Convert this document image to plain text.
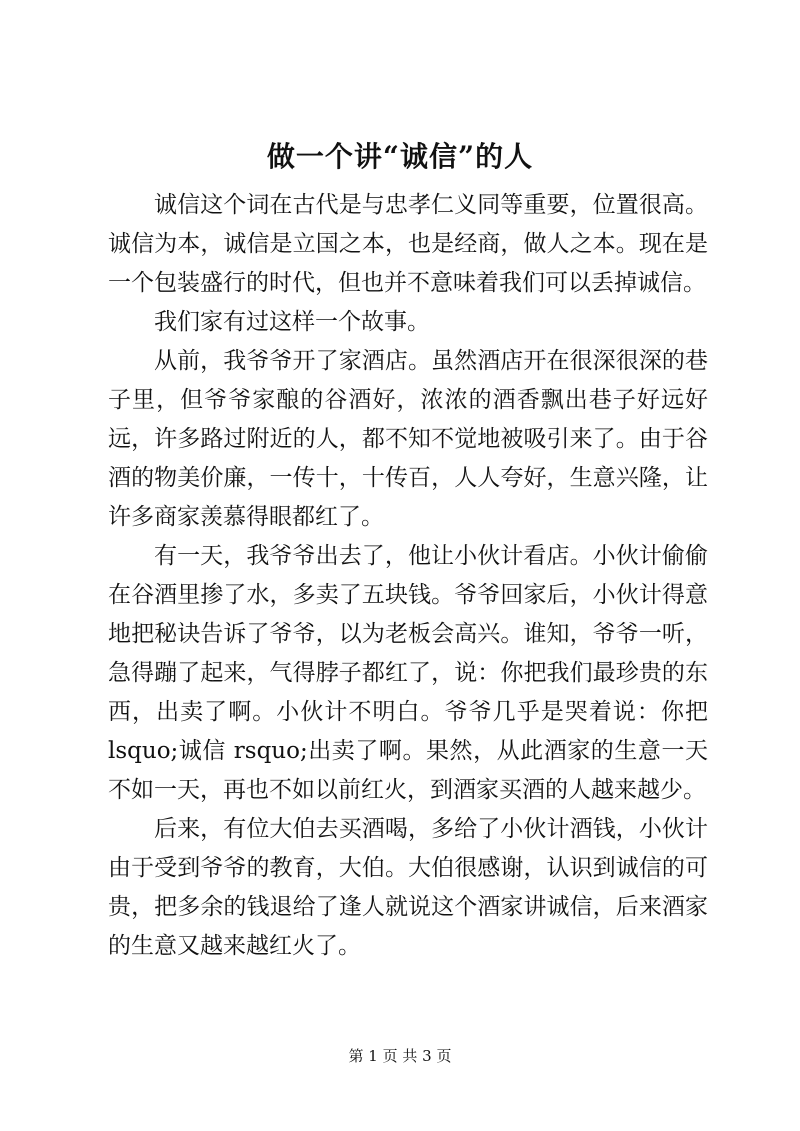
做一个讲“诚信”的人

诚信这个词在古代是与忠孝仁义同等重要，位置很高。诚信为本，诚信是立国之本，也是经商，做人之本。现在是一个包装盛行的时代，但也并不意味着我们可以丢掉诚信。

我们家有过这样一个故事。

从前，我爷爷开了家酒店。虽然酒店开在很深很深的巷子里，但爷爷家酿的谷酒好，浓浓的酒香飘出巷子好远好远，许多路过附近的人，都不知不觉地被吸引来了。由于谷酒的物美价廉，一传十，十传百，人人夸好，生意兴隆，让许多商家羡慕得眼都红了。

有一天，我爷爷出去了，他让小伙计看店。小伙计偷偷在谷酒里掺了水，多卖了五块钱。爷爷回家后，小伙计得意地把秘诀告诉了爷爷，以为老板会高兴。谁知，爷爷一听，急得蹦了起来，气得脖子都红了，说：你把我们最珍贵的东西，出卖了啊。小伙计不明白。爷爷几乎是哭着说：你把 lsquo;诚信 rsquo;出卖了啊。果然，从此酒家的生意一天不如一天，再也不如以前红火，到酒家买酒的人越来越少。

后来，有位大伯去买酒喝，多给了小伙计酒钱，小伙计由于受到爷爷的教育，大伯。大伯很感谢，认识到诚信的可贵，把多余的钱退给了逢人就说这个酒家讲诚信，后来酒家的生意又越来越红火了。

第 1 页 共 3 页
